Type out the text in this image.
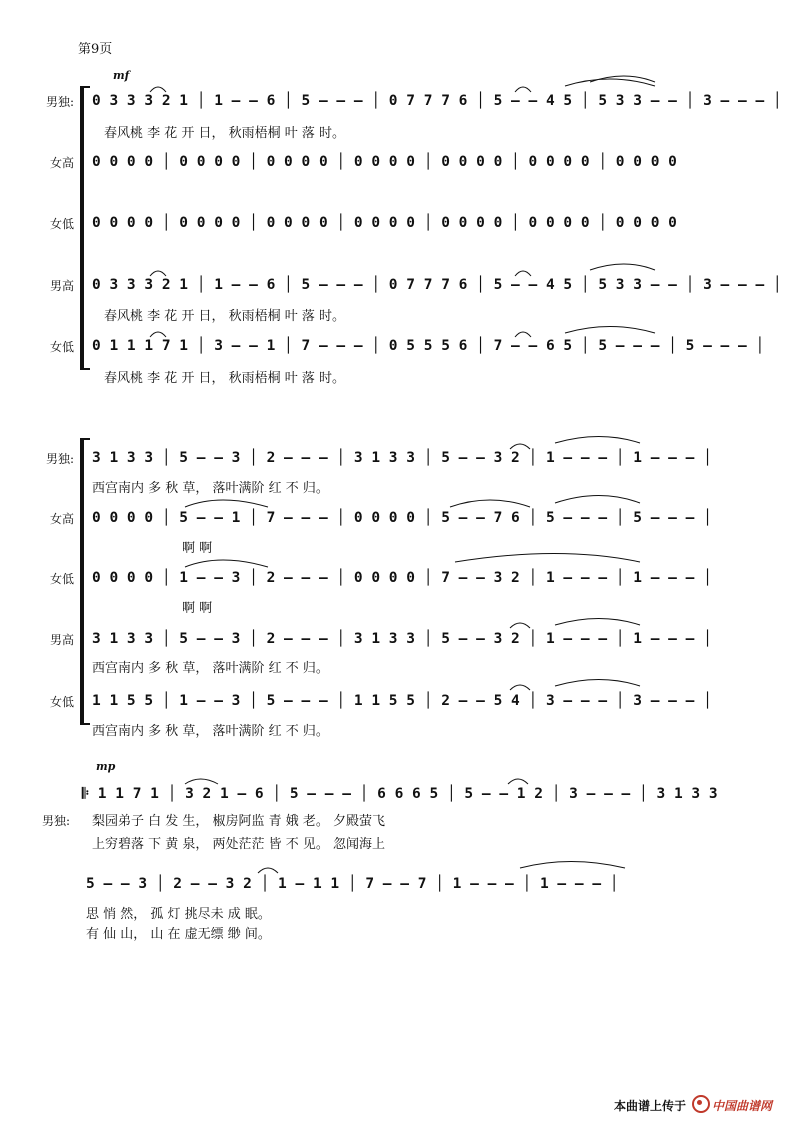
第9页
mf
mp
男独: 0 3 3 3 2 1 │ 1 – – 6 │ 5 – – – │ 0 7 7 7 6 │ 5 – – 4 5 │ 5 3 3 – – │ 3 – – – │
春风桃 李 花 开 日， 秋雨梧桐 叶 落 时。
女高 0 0 0 0 │ 0 0 0 0 │ 0 0 0 0 │ 0 0 0 0 │ 0 0 0 0 │ 0 0 0 0 │ 0 0 0 0
女低 0 0 0 0 │ 0 0 0 0 │ 0 0 0 0 │ 0 0 0 0 │ 0 0 0 0 │ 0 0 0 0 │ 0 0 0 0
男高 0 3 3 3 2 1 │ 1 – – 6 │ 5 – – – │ 0 7 7 7 6 │ 5 – – 4 5 │ 5 3 3 – – │ 3 – – – │
春风桃 李 花 开 日， 秋雨梧桐 叶 落 时。
女低 0 1 1 1 7 1 │ 3 – – 1 │ 7 – – – │ 0 5 5 5 6 │ 7 – – 6 5 │ 5 – – – │ 5 – – – │
春风桃 李 花 开 日， 秋雨梧桐 叶 落 时。
男独: 3 1 3 3 │ 5 – – 3 │ 2 – – – │ 3 1 3 3 │ 5 – – 3 2 │ 1 – – – │ 1 – – – │
西宫南内 多 秋 草， 落叶满阶 红 不 归。
女高 0 0 0 0 │ 5 – – 1 │ 7 – – – │ 0 0 0 0 │ 5 – – 7 6 │ 5 – – – │ 5 – – – │
啊 啊
女低 0 0 0 0 │ 1 – – 3 │ 2 – – – │ 0 0 0 0 │ 7 – – 3 2 │ 1 – – – │ 1 – – – │
啊 啊
男高 3 1 3 3 │ 5 – – 3 │ 2 – – – │ 3 1 3 3 │ 5 – – 3 2 │ 1 – – – │ 1 – – – │
西宫南内 多 秋 草， 落叶满阶 红 不 归。
女低 1 1 5 5 │ 1 – – 3 │ 5 – – – │ 1 1 5 5 │ 2 – – 5 4 │ 3 – – – │ 3 – – – │
西宫南内 多 秋 草， 落叶满阶 红 不 归。
男独:
𝄆 1 1 7 1 │ 3 2 1 – 6 │ 5 – – – │ 6 6 6 5 │ 5 – – 1 2 │ 3 – – – │ 3 1 3 3
梨园弟子 白 发 生， 椒房阿监 青 娥 老。 夕殿萤飞
上穷碧落 下 黄 泉， 两处茫茫 皆 不 见。 忽闻海上
5 – – 3 │ 2 – – 3 2 │ 1 – 1 1 │ 7 – – 7 │ 1 – – – │ 1 – – – │
思 悄 然， 孤 灯 挑尽未 成 眠。
有 仙 山， 山 在 虚无缥 缈 间。
本曲谱上传于 中国曲谱网
